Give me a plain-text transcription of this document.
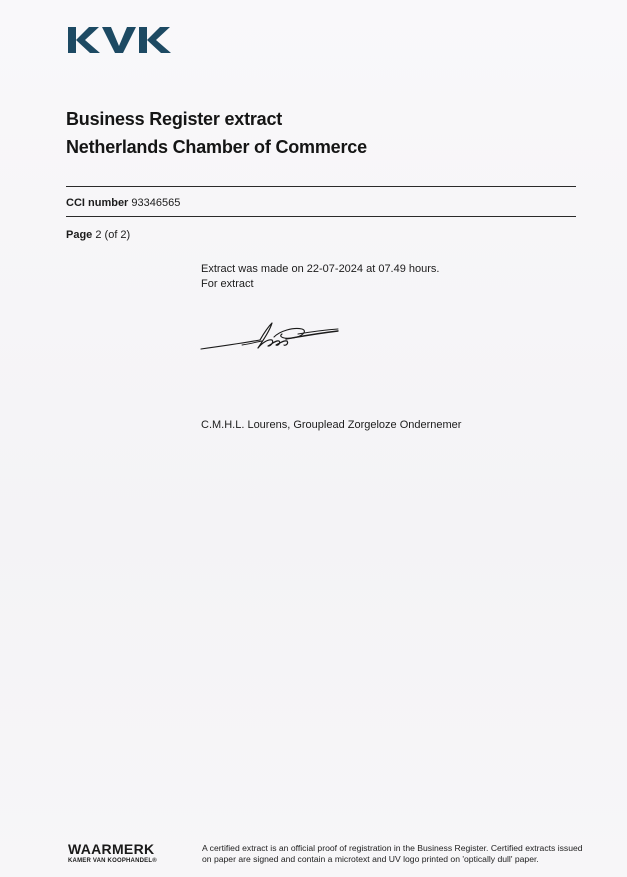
Business Register extract
Netherlands Chamber of Commerce
CCI number 93346565
Page 2 (of 2)
Extract was made on 22-07-2024 at 07.49 hours.
For extract
C.M.H.L. Lourens, Grouplead Zorgeloze Ondernemer
WAARMERK
KAMER VAN KOOPHANDEL®
A certified extract is an official proof of registration in the Business Register. Certified extracts issued on paper are signed and contain a microtext and UV logo printed on 'optically dull' paper.
